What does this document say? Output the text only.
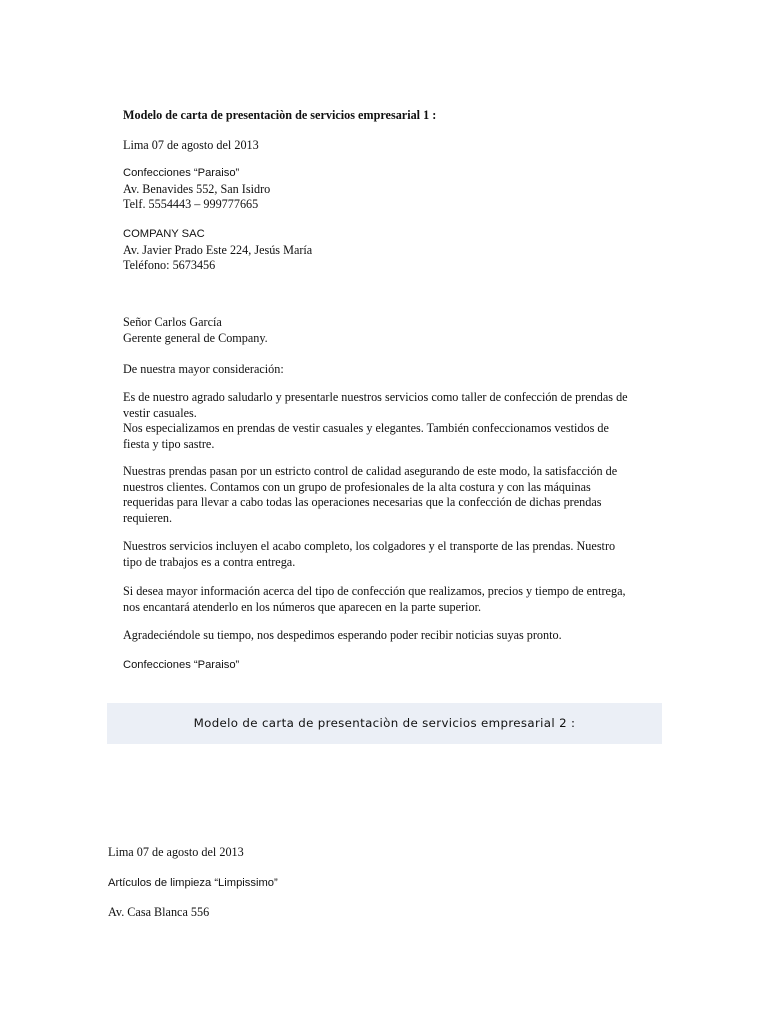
Modelo de carta de presentaciòn de servicios empresarial 1 :

Lima 07 de agosto del 2013

Confecciones “Paraiso”
Av. Benavides 552, San Isidro
Telf. 5554443 – 999777665
COMPANY SAC
Av. Javier Prado Este 224, Jesús María
Teléfono: 5673456
Señor Carlos García
Gerente general de Company.

De nuestra mayor consideración:

Es de nuestro agrado saludarlo y presentarle nuestros servicios como taller de confección de prendas de
vestir casuales.
Nos especializamos en prendas de vestir casuales y elegantes. También confeccionamos vestidos de
fiesta y tipo sastre.
Nuestras prendas pasan por un estricto control de calidad asegurando de este modo, la satisfacción de
nuestros clientes. Contamos con un grupo de profesionales de la alta costura y con las máquinas
requeridas para llevar a cabo todas las operaciones necesarias que la confección de dichas prendas
requieren.
Nuestros servicios incluyen el acabo completo, los colgadores y el transporte de las prendas. Nuestro
tipo de trabajos es a contra entrega.
Si desea mayor información acerca del tipo de confección que realizamos, precios y tiempo de entrega,
nos encantará atenderlo en los números que aparecen en la parte superior.

Agradeciéndole su tiempo, nos despedimos esperando poder recibir noticias suyas pronto.

Confecciones “Paraiso”

Modelo de carta de presentaciòn de servicios empresarial 2 :

Lima 07 de agosto del 2013

Artículos de limpieza “Limpissimo”

Av. Casa Blanca 556
